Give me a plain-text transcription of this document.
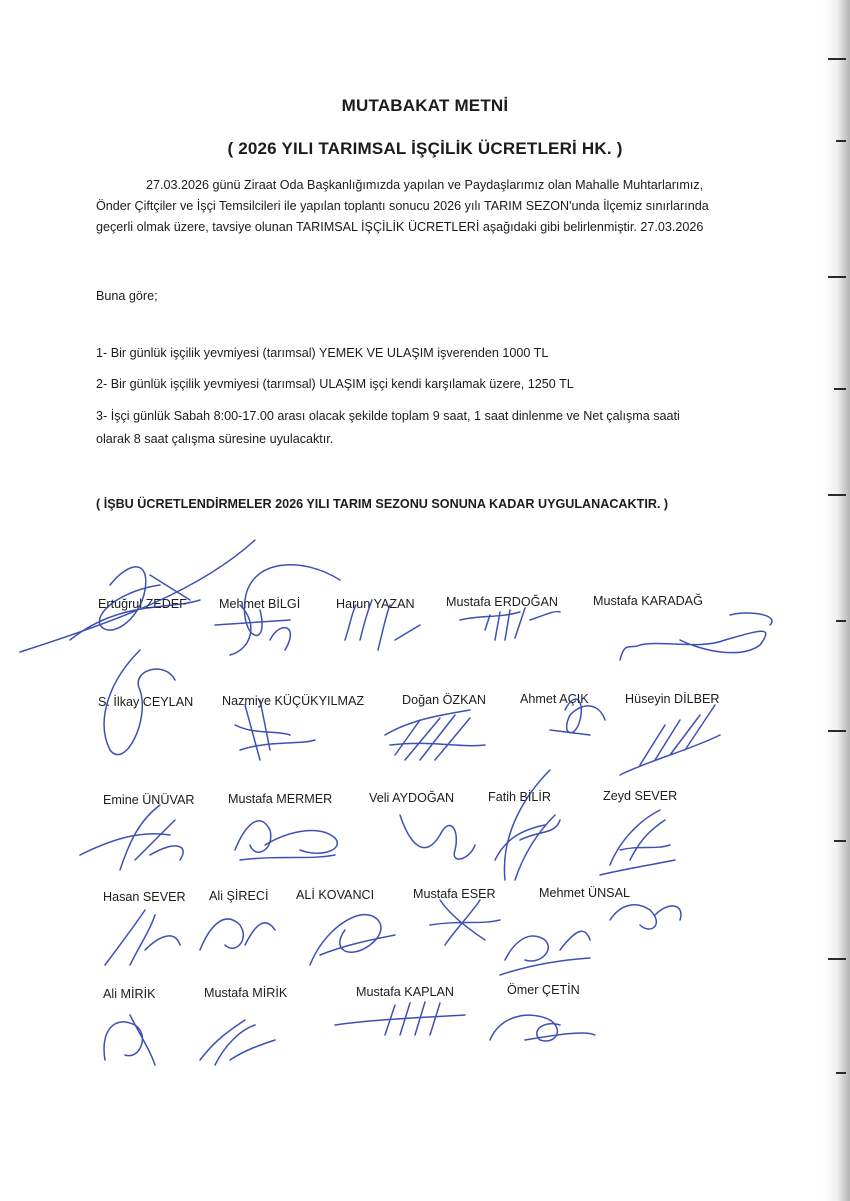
MUTABAKAT METNİ
( 2026 YILI TARIMSAL İŞÇİLİK ÜCRETLERİ HK. )
27.03.2026 günü Ziraat Oda Başkanlığımızda yapılan ve Paydaşlarımız olan Mahalle Muhtarlarımız,
Önder Çiftçiler ve İşçi Temsilcileri ile yapılan toplantı sonucu 2026 yılı TARIM SEZON'unda İlçemiz sınırlarında
geçerli olmak üzere, tavsiye olunan TARIMSAL İŞÇİLİK ÜCRETLERİ aşağıdaki gibi belirlenmiştir. 27.03.2026
Buna göre;
1- Bir günlük işçilik yevmiyesi (tarımsal) YEMEK VE ULAŞIM işverenden 1000 TL
2- Bir günlük işçilik yevmiyesi (tarımsal) ULAŞIM işçi kendi karşılamak üzere, 1250 TL
3- İşçi günlük Sabah 8:00-17.00 arası olacak şekilde toplam 9 saat, 1 saat dinlenme ve Net çalışma saati
olarak 8 saat çalışma süresine uyulacaktır.
( İŞBU ÜCRETLENDİRMELER 2026 YILI TARIM SEZONU SONUNA KADAR UYGULANACAKTIR. )
Ertuğrul ZEDEF	Mehmet BİLGİ	Harun YAZAN Mustafa ERDOĞAN	Mustafa KARADAĞ
S. İlkay CEYLAN Nazmiye KÜÇÜKYILMAZ	Doğan ÖZKAN	Ahmet AÇIK	Hüseyin DİLBER
Emine ÜNÜVAR	Mustafa MERMER	Veli AYDOĞAN	Fatih BİLİR	Zeyd SEVER
Hasan SEVER Ali ŞİRECİ ALİ KOVANCI	Mustafa ESER	Mehmet ÜNSAL
Ali MİRİK	Mustafa MİRİK	Mustafa KAPLAN	Ömer ÇETİN
